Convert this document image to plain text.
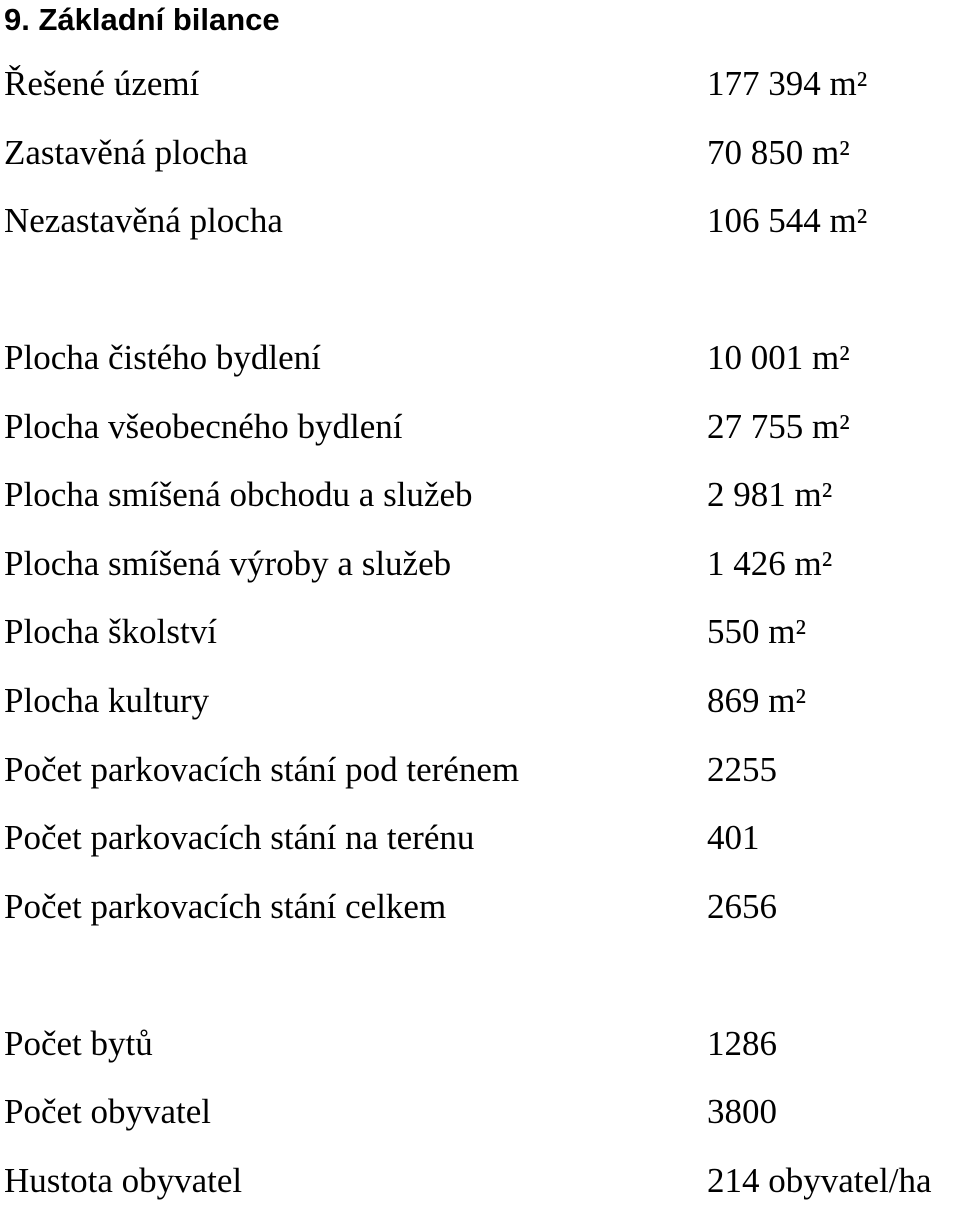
9. Základní bilance
Řešené území	177 394 m²
Zastavěná plocha	70 850 m²
Nezastavěná plocha	106 544 m²
Plocha čistého bydlení	10 001 m²
Plocha všeobecného bydlení	27 755 m²
Plocha smíšená obchodu a služeb	2 981 m²
Plocha smíšená výroby a služeb	1 426 m²
Plocha školství	550 m²
Plocha kultury	869 m²
Počet parkovacích stání pod terénem	2255
Počet parkovacích stání na terénu	401
Počet parkovacích stání celkem	2656
Počet bytů	1286
Počet obyvatel	3800
Hustota obyvatel	214 obyvatel/ha
